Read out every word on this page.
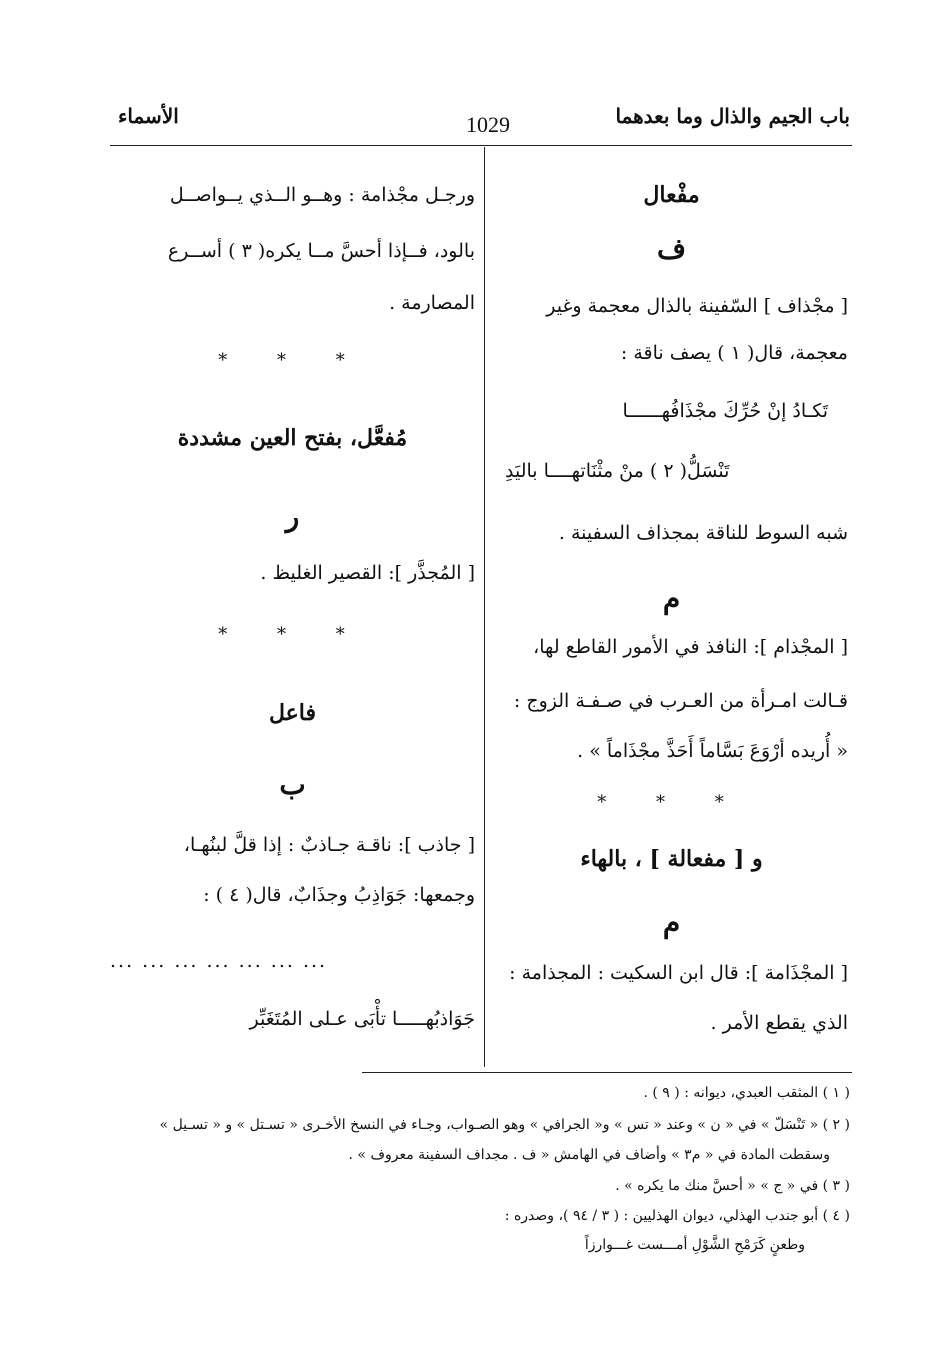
باب الجيم والذال وما بعدهما
1029
الأسماء
مفْعال
ف
[ مجْذاف ] السّفينة بالذال معجمة وغير
معجمة، قال( ١ ) يصف ناقة :
تَكـادُ إنْ حُرِّكَ مجْذَافُهــــــا
تَنْسَلُّ( ٢ ) منْ مثْنَاتهــــا باليَدِ
شبه السوط للناقة بمجذاف السفينة .
م
[ المجْذام ]: النافذ في الأمور القاطع لها،
قـالت امـرأة من العـرب في صـفـة الزوج :
« أُريده أرْوَعَ بَسَّاماً أَحَذَّ مجْذَاماً » .
* * *
و [ مفعالة ] ، بالهاء
م
[ المجْذَامة ]: قال ابن السكيت : المجذامة :
الذي يقطع الأمر .
ورجـل مجْذامة : وهــو الــذي يــواصــل
بالود، فــإذا أحسَّ مــا يكره( ٣ ) أســرع
المصارمة .
* * *
مُفعَّل، بفتح العين مشددة
ر
[ المُجذَّر ]: القصير الغليظ .
* * *
فاعل
ب
[ جاذب ]: ناقـة جـاذبٌ : إذا قلَّ لبنُهـا،
وجمعها: جَوَاذِبُ وجذَابٌ، قال( ٤ ) :
... ... ... ... ... ... ...
جَوَاذبُهـــــا تأْبَى عـلى المُتَغَبِّر
( ١ ) المثقب العبدي، ديوانه : ( ٩ ) .
( ٢ ) « تَنْسَلّ » في « ن » وعند « تس » و« الجرافي » وهو الصـواب، وجـاء في النسخ الأخـرى « تسـتل » و « تسـيل »
وسقطت المادة في « م٣ » وأضاف في الهامش « ف . مجداف السفينة معروف » .
( ٣ ) في « ج » « أحسَّ منك ما يكره » .
( ٤ ) أبو جندب الهذلي، ديوان الهذليين : ( ٣ / ٩٤ )، وصدره :
وطعنٍ كَرَمْحِ الشَّوْلِ أمـــست غـــوارزاً
